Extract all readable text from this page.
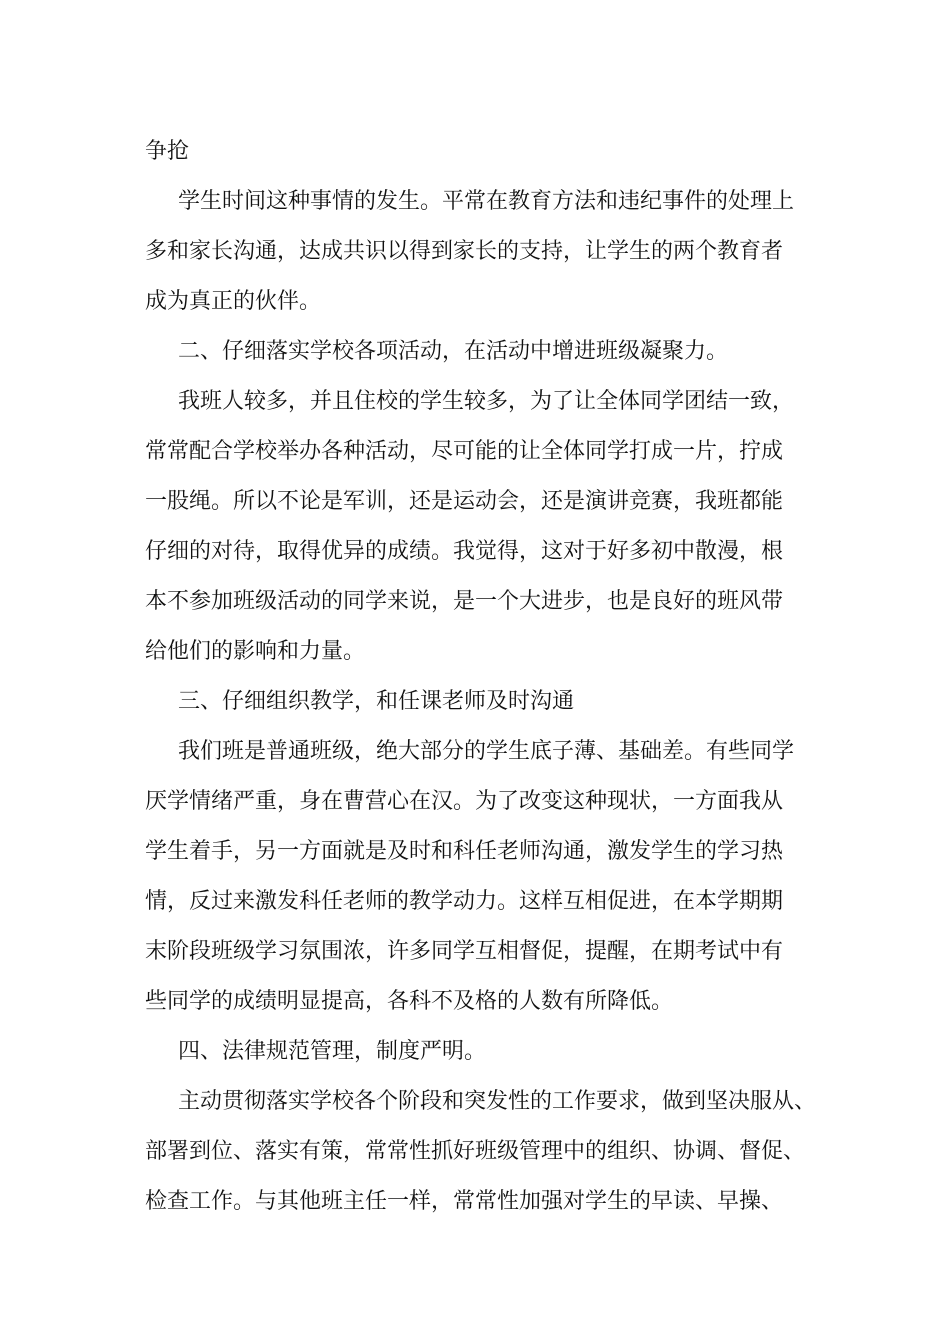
争抢
学生时间这种事情的发生。平常在教育方法和违纪事件的处理上
多和家长沟通，达成共识以得到家长的支持，让学生的两个教育者
成为真正的伙伴。
二、仔细落实学校各项活动，在活动中增进班级凝聚力。
我班人较多，并且住校的学生较多，为了让全体同学团结一致，
常常配合学校举办各种活动，尽可能的让全体同学打成一片，拧成
一股绳。所以不论是军训，还是运动会，还是演讲竞赛，我班都能
仔细的对待，取得优异的成绩。我觉得，这对于好多初中散漫，根
本不参加班级活动的同学来说，是一个大进步，也是良好的班风带
给他们的影响和力量。
三、仔细组织教学，和任课老师及时沟通
我们班是普通班级，绝大部分的学生底子薄、基础差。有些同学
厌学情绪严重，身在曹营心在汉。为了改变这种现状，一方面我从
学生着手，另一方面就是及时和科任老师沟通，激发学生的学习热
情，反过来激发科任老师的教学动力。这样互相促进，在本学期期
末阶段班级学习氛围浓，许多同学互相督促，提醒，在期考试中有
些同学的成绩明显提高，各科不及格的人数有所降低。
四、法律规范管理，制度严明。
主动贯彻落实学校各个阶段和突发性的工作要求，做到坚决服从、
部署到位、落实有策，常常性抓好班级管理中的组织、协调、督促、
检查工作。与其他班主任一样，常常性加强对学生的早读、早操、
